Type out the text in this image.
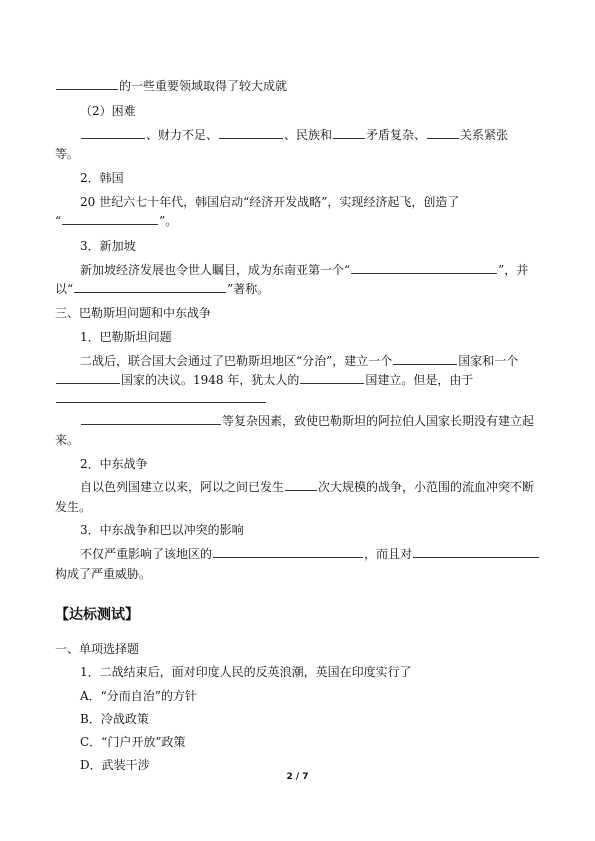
的一些重要领域取得了较大成就
（2）困难
、财力不足、	、民族和	矛盾复杂、	关系紧张
等。
2．韩国
20 世纪六七十年代，韩国启动“经济开发战略”，实现经济起飞，创造了
“	”。
3．新加坡
新加坡经济发展也令世人瞩目，成为东南亚第一个“	”，并
以“	”著称。
三、巴勒斯坦问题和中东战争
1．巴勒斯坦问题
二战后，联合国大会通过了巴勒斯坦地区“分治”，建立一个	国家和一个
国家的决议。1948 年，犹太人的	国建立。但是，由于
等复杂因素，致使巴勒斯坦的阿拉伯人国家长期没有建立起
来。
2．中东战争
自以色列国建立以来，阿以之间已发生	次大规模的战争，小范围的流血冲突不断
发生。
3．中东战争和巴以冲突的影响
不仅严重影响了该地区的	，而且对
构成了严重威胁。
【达标测试】
一、单项选择题
1．二战结束后，面对印度人民的反英浪潮，英国在印度实行了
A．“分而自治”的方针
B．冷战政策
C．“门户开放”政策
D．武装干涉
2 / 7
